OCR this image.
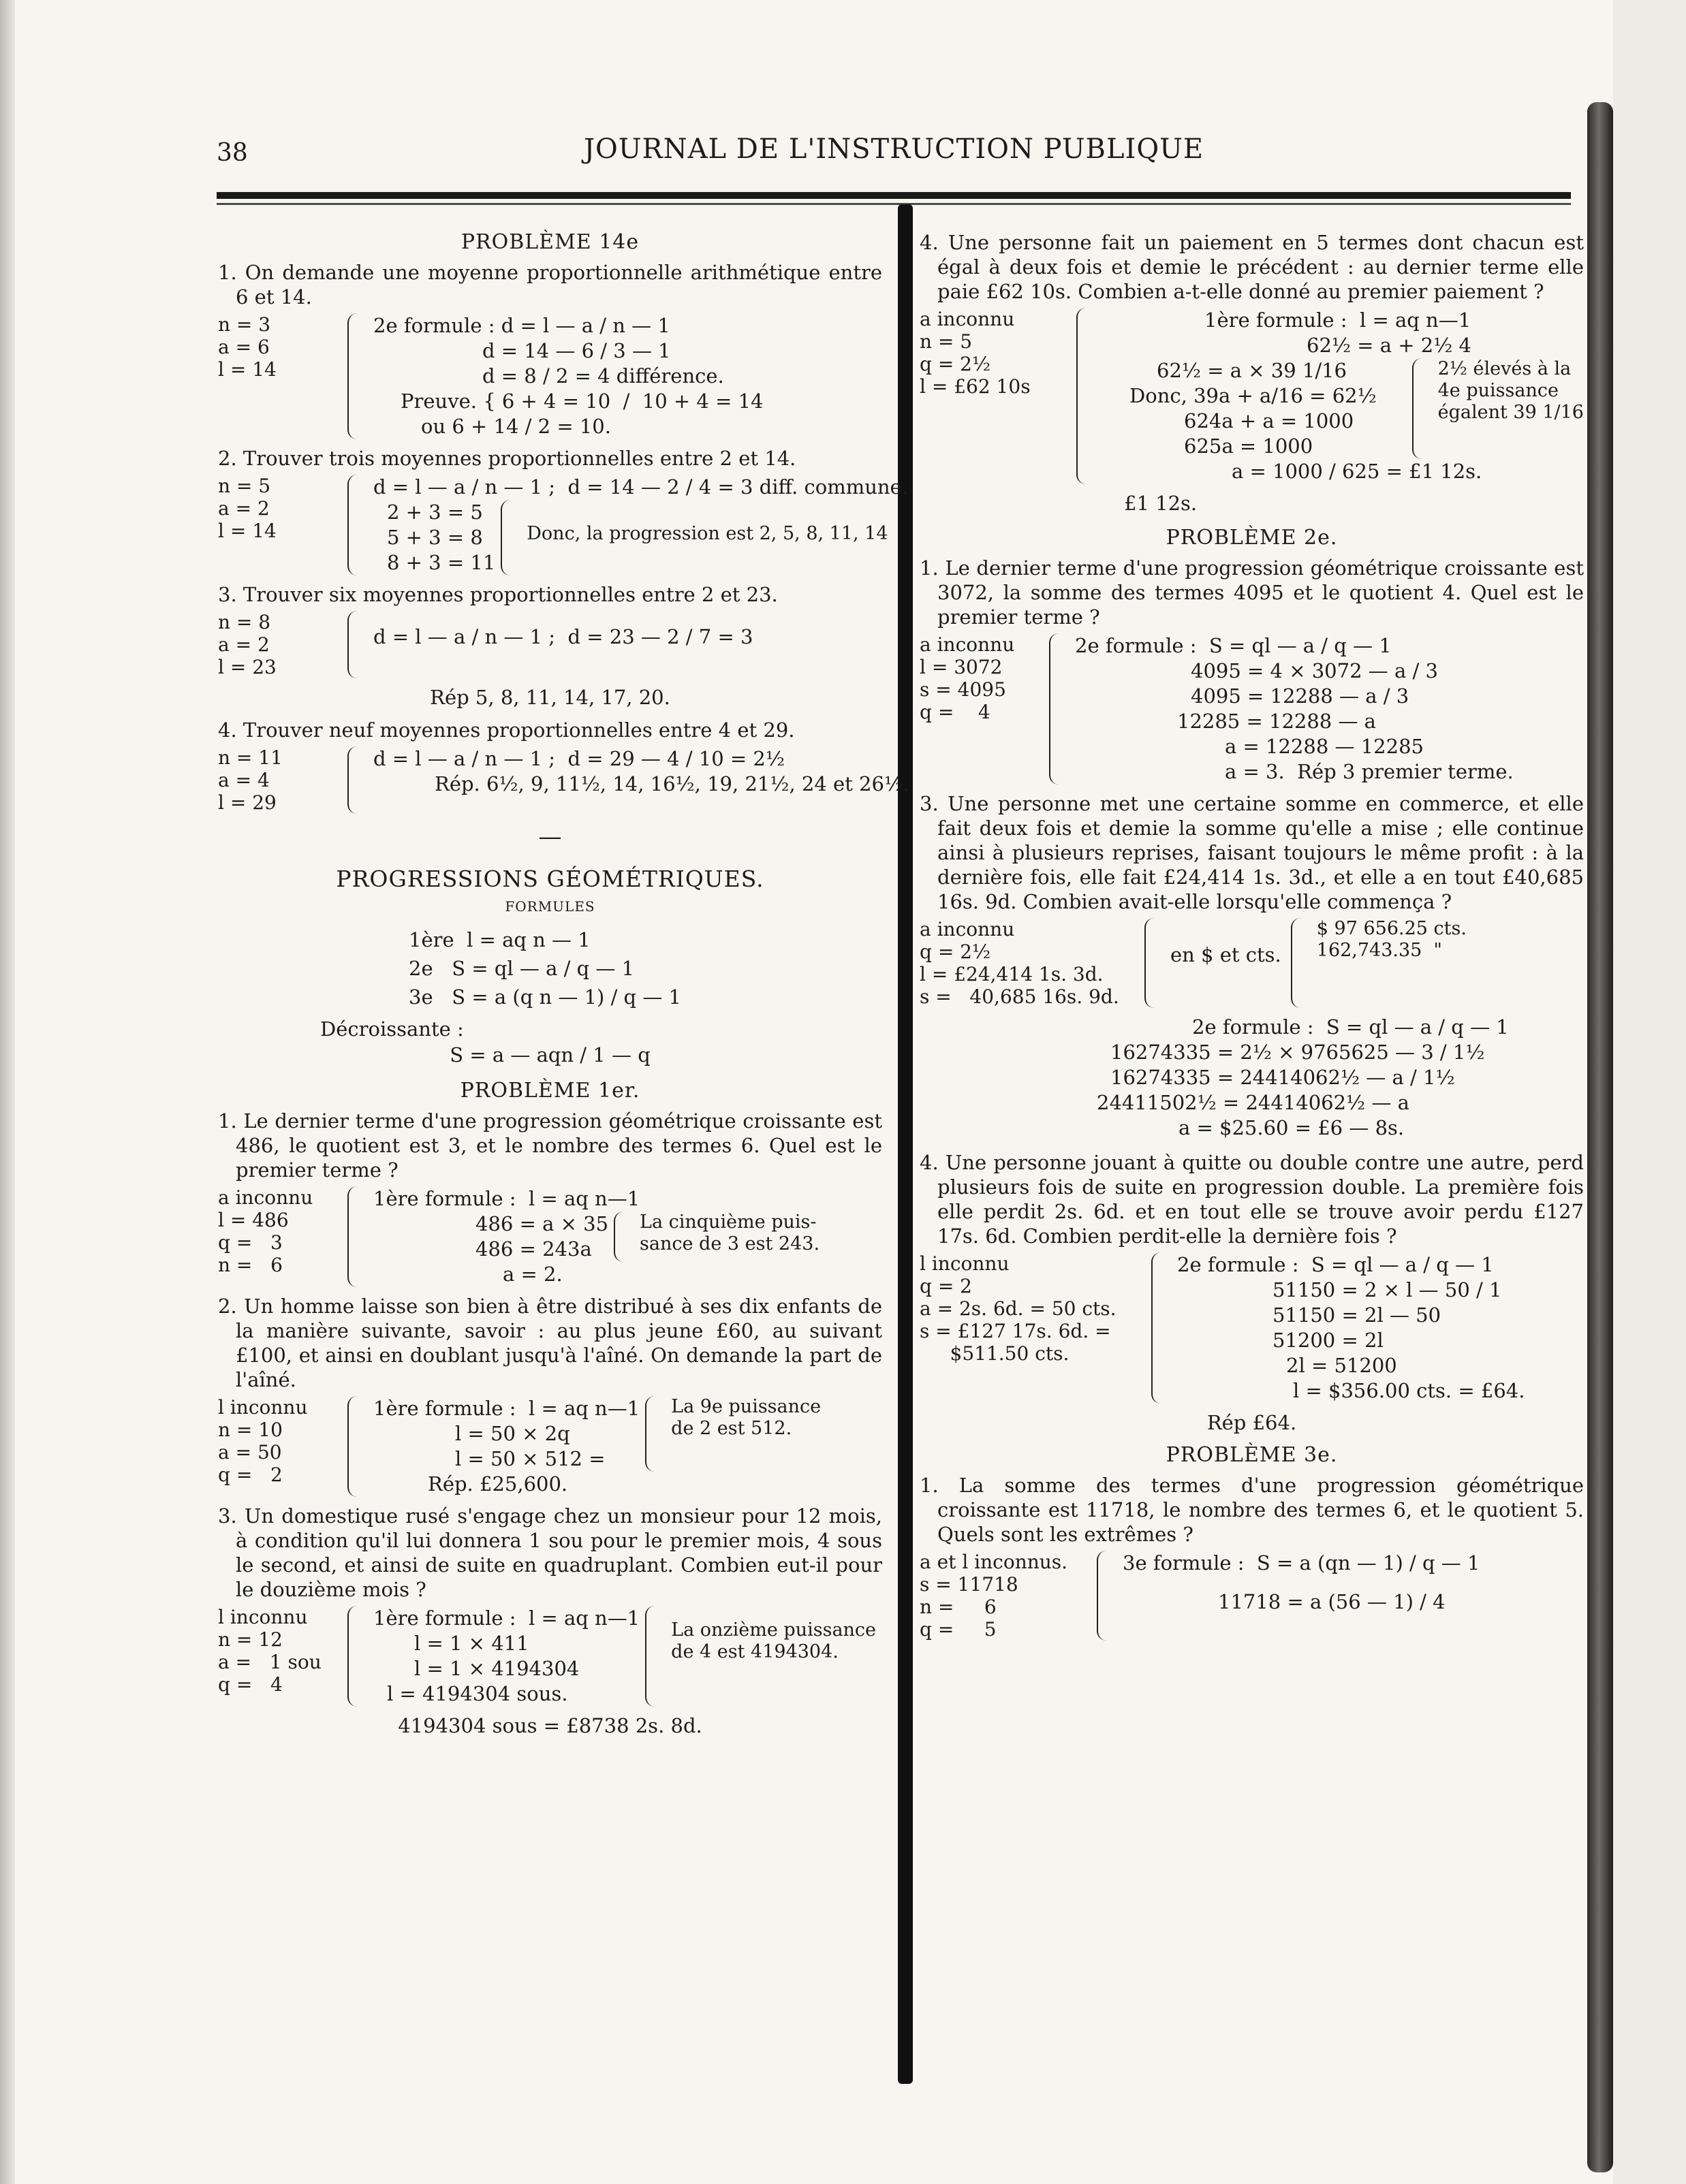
38	JOURNAL DE L'INSTRUCTION PUBLIQUE
PROBLÈME 14e

1. On demande une moyenne proportionnelle arithmétique entre 6 et 14.

n = 3
a = 6
l = 14
2e formule : d = l — a / n — 1
d = 14 — 6 / 3 — 1
d = 8 / 2 = 4 différence.
Preuve. { 6 + 4 = 10  /  10 + 4 = 14
ou 6 + 14 / 2 = 10.

2. Trouver trois moyennes proportionnelles entre 2 et 14.

n = 5
a = 2
l = 14
d = l — a / n — 1 ;  d = 14 — 2 / 4 = 3 diff. commune.
2 + 3 = 5
5 + 3 = 8
8 + 3 = 11
Donc, la progression est 2, 5, 8, 11, 14

3. Trouver six moyennes proportionnelles entre 2 et 23.

n = 8
a = 2
l = 23
d = l — a / n — 1 ;  d = 23 — 2 / 7 = 3
Rép 5, 8, 11, 14, 17, 20.

4. Trouver neuf moyennes proportionnelles entre 4 et 29.

n = 11
a = 4
l = 29
d = l — a / n — 1 ;  d = 29 — 4 / 10 = 2½
Rép. 6½, 9, 11½, 14, 16½, 19, 21½, 24 et 26½.
—
PROGRESSIONS GÉOMÉTRIQUES.
FORMULES
1ère  l = aq n — 1
2e   S = ql — a / q — 1
3e   S = a (q n — 1) / q — 1
Décroissante :
S = a — aqn / 1 — q
PROBLÈME 1er.

1. Le dernier terme d'une progression géométrique croissante est 486, le quotient est 3, et le nombre des termes 6. Quel est le premier terme ?

a inconnu
l = 486
q =   3
n =   6
1ère formule :  l = aq n—1
486 = a × 35
486 = 243a
La cinquième puis-
sance de 3 est 243.
a = 2.

2. Un homme laisse son bien à être distribué à ses dix enfants de la manière suivante, savoir : au plus jeune £60, au suivant £100, et ainsi en doublant jusqu'à l'aîné. On demande la part de l'aîné.

l inconnu
n = 10
a = 50
q =   2
1ère formule :  l = aq n—1
l = 50 × 2q
l = 50 × 512 =
La 9e puissance
de 2 est 512.
Rép. £25,600.

3. Un domestique rusé s'engage chez un monsieur pour 12 mois, à condition qu'il lui donnera 1 sou pour le premier mois, 4 sous le second, et ainsi de suite en quadruplant. Combien eut-il pour le douzième mois ?

l inconnu
n = 12
a =   1 sou
q =   4
1ère formule :  l = aq n—1
l = 1 × 411
l = 1 × 4194304
l = 4194304 sous.
La onzième puissance
de 4 est 4194304.
4194304 sous = £8738 2s. 8d.

4. Une personne fait un paiement en 5 termes dont chacun est égal à deux fois et demie le précédent : au dernier terme elle paie £62 10s. Combien a-t-elle donné au premier paiement ?

a inconnu
n = 5
q = 2½
l = £62 10s
1ère formule :  l = aq n—1
62½ = a + 2½ 4
62½ = a × 39 1/16
Donc, 39a + a/16 = 62½
624a + a = 1000
625a = 1000
2½ élevés à la
4e puissance
égalent 39 1/16
a = 1000 / 625 = £1 12s.
£1 12s.
PROBLÈME 2e.

1. Le dernier terme d'une progression géométrique croissante est 3072, la somme des termes 4095 et le quotient 4. Quel est le premier terme ?

a inconnu
l = 3072
s = 4095
q =    4
2e formule :  S = ql — a / q — 1
4095 = 4 × 3072 — a / 3
4095 = 12288 — a / 3
12285 = 12288 — a
a = 12288 — 12285
a = 3.  Rép 3 premier terme.

3. Une personne met une certaine somme en commerce, et elle fait deux fois et demie la somme qu'elle a mise ; elle continue ainsi à plusieurs reprises, faisant toujours le même profit : à la dernière fois, elle fait £24,414 1s. 3d., et elle a en tout £40,685 16s. 9d. Combien avait-elle lorsqu'elle commença ?

a inconnu
q = 2½
l = £24,414 1s. 3d.
s =   40,685 16s. 9d.
en $ et cts.
$ 97 656.25 cts.
162,743.35  "
2e formule :  S = ql — a / q — 1
16274335 = 2½ × 9765625 — 3 / 1½
16274335 = 24414062½ — a / 1½
24411502½ = 24414062½ — a
a = $25.60 = £6 — 8s.

4. Une personne jouant à quitte ou double contre une autre, perd plusieurs fois de suite en progression double. La première fois elle perdit 2s. 6d. et en tout elle se trouve avoir perdu £127 17s. 6d. Combien perdit-elle la dernière fois ?

l inconnu
q = 2
a = 2s. 6d. = 50 cts.
s = £127 17s. 6d. =
$511.50 cts.
2e formule :  S = ql — a / q — 1
51150 = 2 × l — 50 / 1
51150 = 2l — 50
51200 = 2l
2l = 51200
l = $356.00 cts. = £64.
Rép £64.
PROBLÈME 3e.

1. La somme des termes d'une progression géométrique croissante est 11718, le nombre des termes 6, et le quotient 5. Quels sont les extrêmes ?

a et l inconnus.
s = 11718
n =     6
q =     5
3e formule :  S = a (qn — 1) / q — 1
11718 = a (56 — 1) / 4
